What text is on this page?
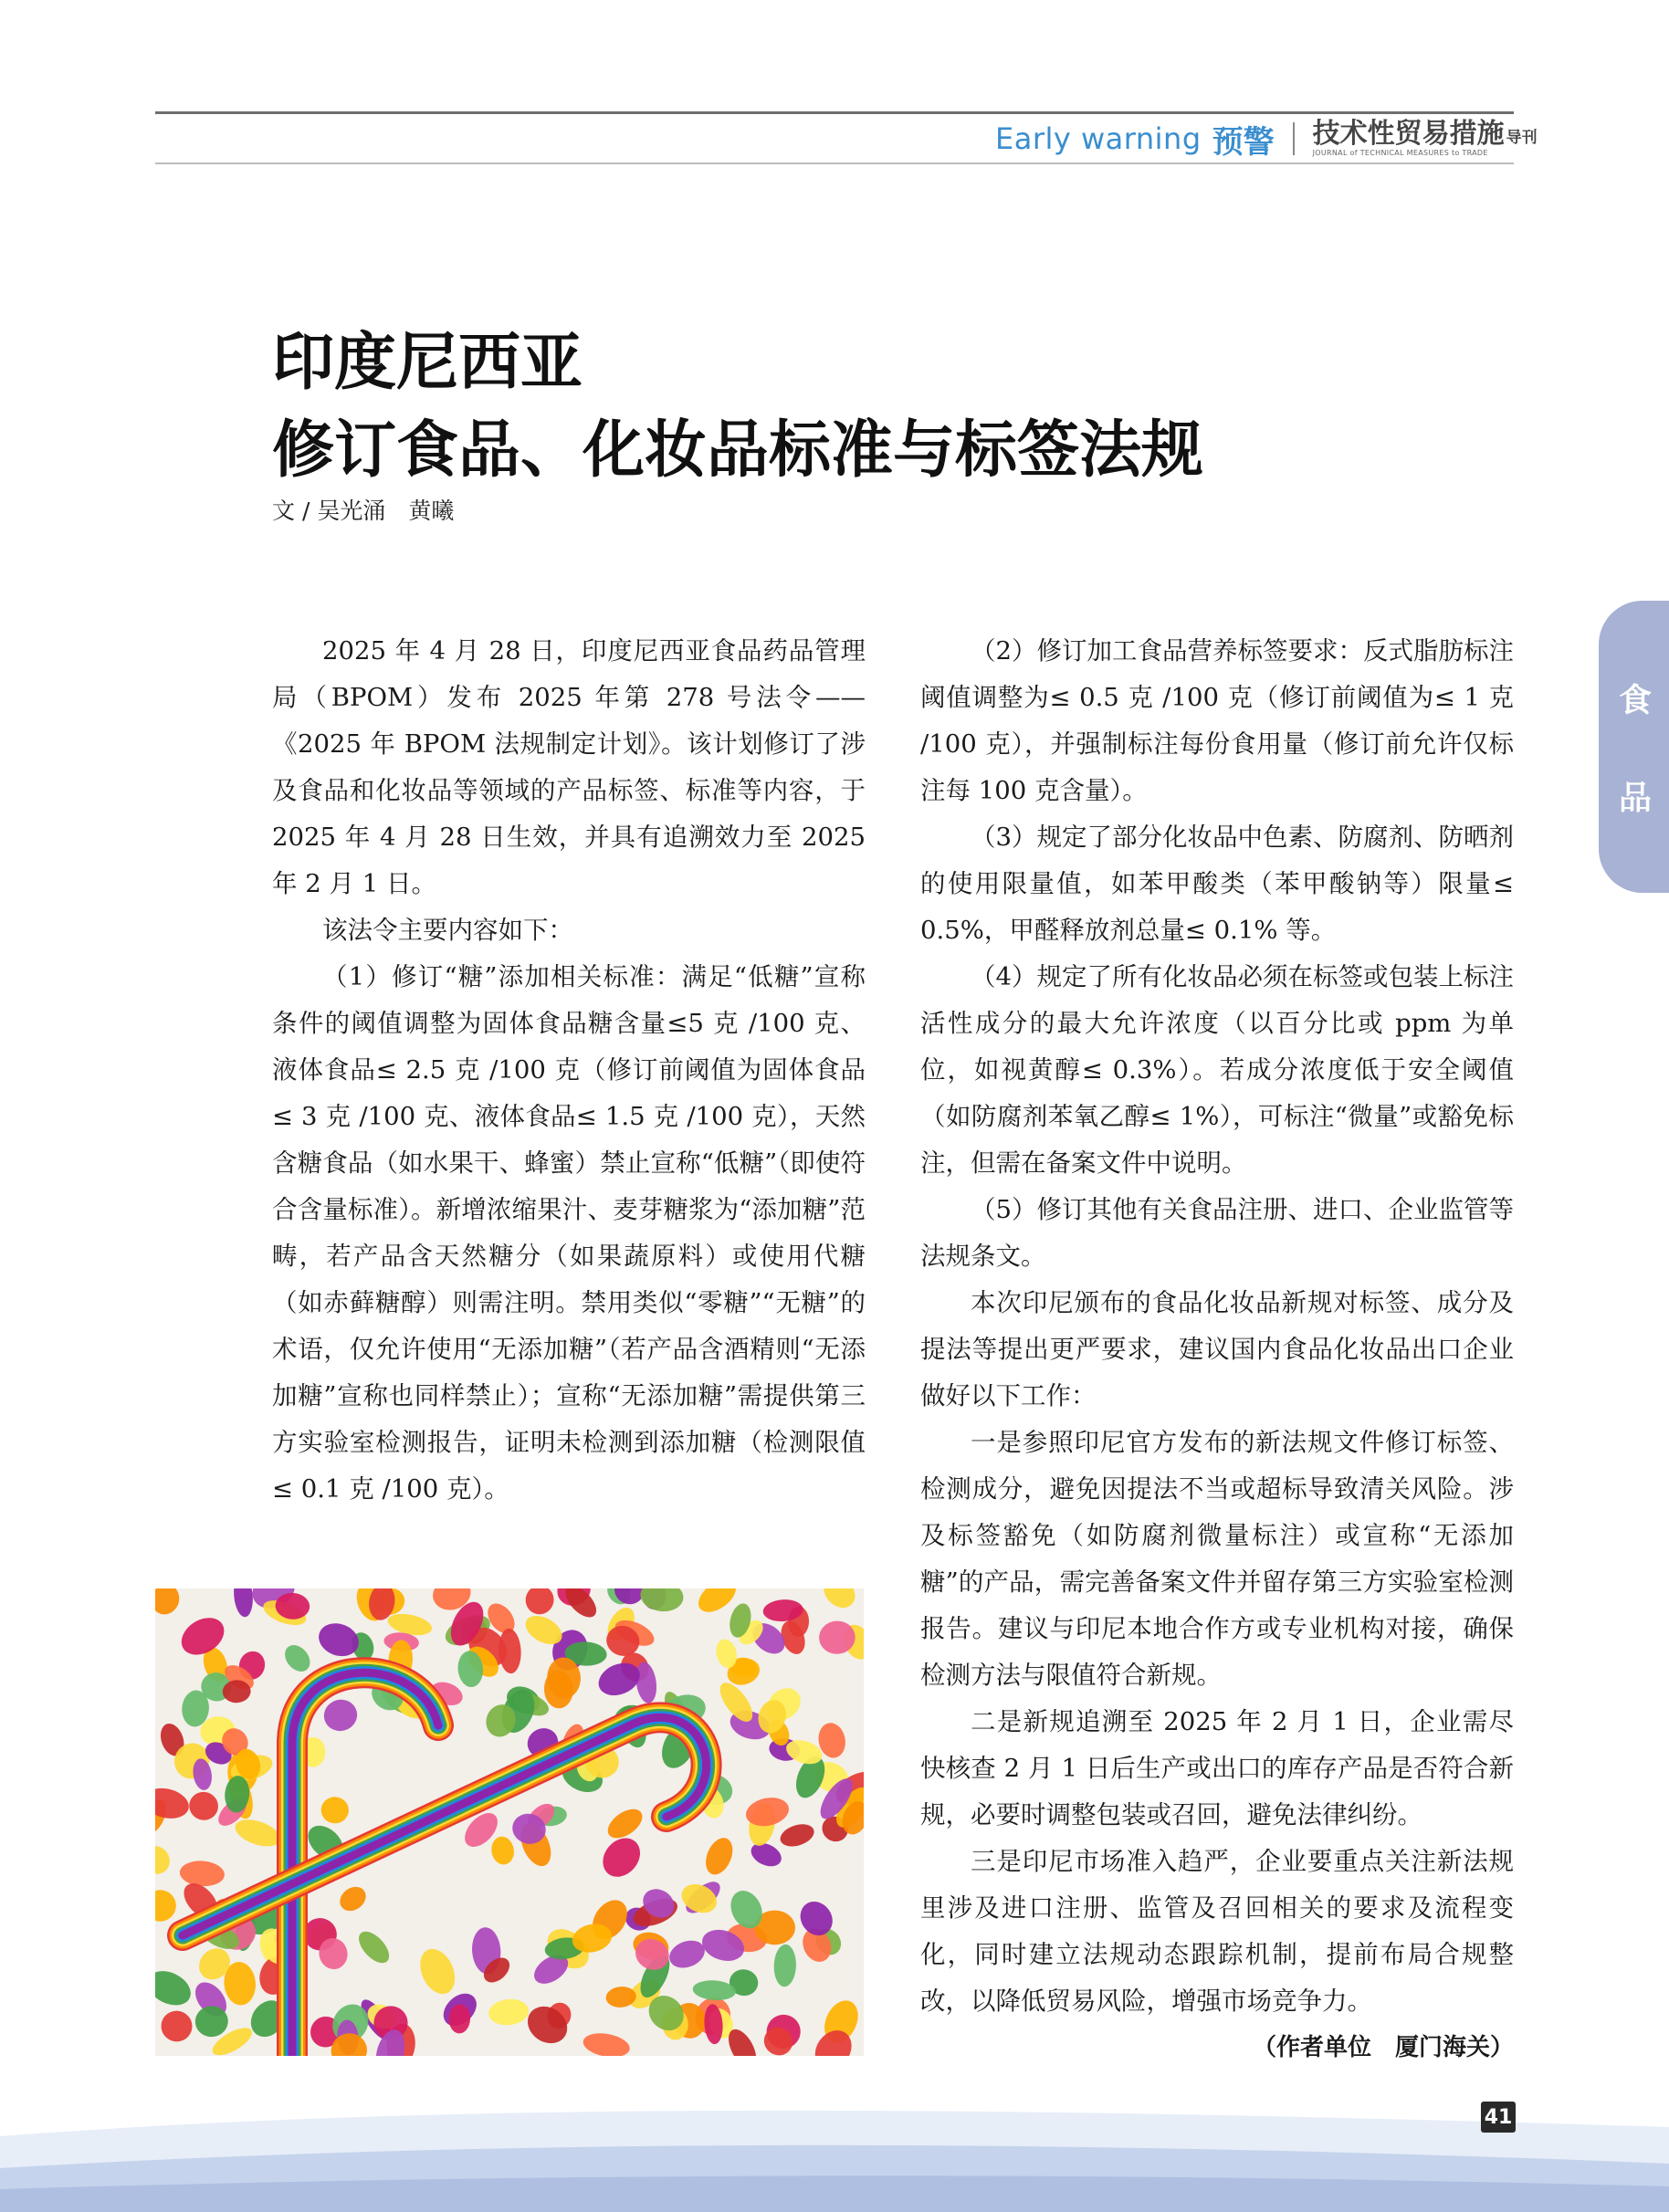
Early warning 预警 技术性贸易措施 导刊
JOURNAL of TECHNICAL MEASURES to TRADE
印度尼西亚
修订食品、化妆品标准与标签法规
文 / 吴光涌　黄曦

2025 年 4 月 28 日，印度尼西亚食品药品管理局（BPOM）发布 2025 年第 278 号法令——《2025 年 BPOM 法规制定计划》。该计划修订了涉及食品和化妆品等领域的产品标签、标准等内容，于 2025 年 4 月 28 日生效，并具有追溯效力至 2025 年 2 月 1 日。

该法令主要内容如下：

（1）修订“糖”添加相关标准：满足“低糖”宣称条件的阈值调整为固体食品糖含量≤5 克 /100 克、液体食品≤ 2.5 克 /100 克（修订前阈值为固体食品≤ 3 克 /100 克、液体食品≤ 1.5 克 /100 克），天然含糖食品（如水果干、蜂蜜）禁止宣称“低糖”（即使符合含量标准）。新增浓缩果汁、麦芽糖浆为“添加糖”范畴，若产品含天然糖分（如果蔬原料）或使用代糖（如赤藓糖醇）则需注明。禁用类似“零糖”“无糖”的术语，仅允许使用“无添加糖”（若产品含酒精则“无添加糖”宣称也同样禁止）；宣称“无添加糖”需提供第三方实验室检测报告，证明未检测到添加糖（检测限值≤ 0.1 克 /100 克）。

（2）修订加工食品营养标签要求：反式脂肪标注阈值调整为≤ 0.5 克 /100 克（修订前阈值为≤ 1 克 /100 克），并强制标注每份食用量（修订前允许仅标注每 100 克含量）。

（3）规定了部分化妆品中色素、防腐剂、防晒剂的使用限量值，如苯甲酸类（苯甲酸钠等）限量≤ 0.5%，甲醛释放剂总量≤ 0.1% 等。

（4）规定了所有化妆品必须在标签或包装上标注活性成分的最大允许浓度（以百分比或 ppm 为单位，如视黄醇≤ 0.3%）。若成分浓度低于安全阈值（如防腐剂苯氧乙醇≤ 1%），可标注“微量”或豁免标注，但需在备案文件中说明。

（5）修订其他有关食品注册、进口、企业监管等法规条文。

本次印尼颁布的食品化妆品新规对标签、成分及提法等提出更严要求，建议国内食品化妆品出口企业做好以下工作：

一是参照印尼官方发布的新法规文件修订标签、检测成分，避免因提法不当或超标导致清关风险。涉及标签豁免（如防腐剂微量标注）或宣称“无添加糖”的产品，需完善备案文件并留存第三方实验室检测报告。建议与印尼本地合作方或专业机构对接，确保检测方法与限值符合新规。

二是新规追溯至 2025 年 2 月 1 日，企业需尽快核查 2 月 1 日后生产或出口的库存产品是否符合新规，必要时调整包装或召回，避免法律纠纷。

三是印尼市场准入趋严，企业要重点关注新法规里涉及进口注册、监管及召回相关的要求及流程变化，同时建立法规动态跟踪机制，提前布局合规整改，以降低贸易风险，增强市场竞争力。

（作者单位　厦门海关）

食
品
41
